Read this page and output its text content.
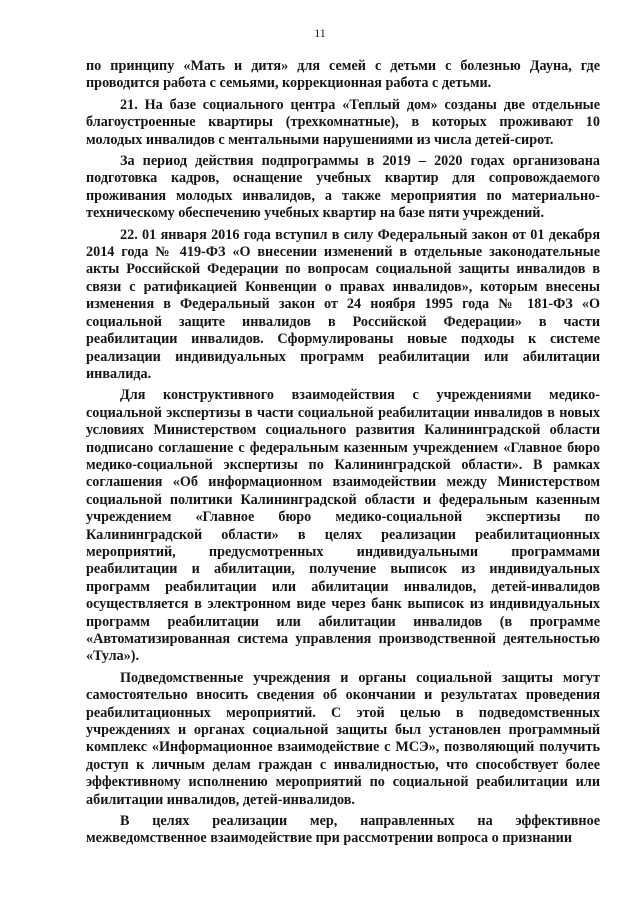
11

по принципу «Мать и дитя» для семей с детьми с болезнью Дауна, где проводится работа с семьями, коррекционная работа с детьми.

21. На базе социального центра «Теплый дом» созданы две отдельные благоустроенные квартиры (трехкомнатные), в которых проживают 10 молодых инвалидов с ментальными нарушениями из числа детей-сирот.

За период действия подпрограммы в 2019 – 2020 годах организована подготовка кадров, оснащение учебных квартир для сопровождаемого проживания молодых инвалидов, а также мероприятия по материально-техническому обеспечению учебных квартир на базе пяти учреждений.

22. 01 января 2016 года вступил в силу Федеральный закон от 01 декабря 2014 года № 419-ФЗ «О внесении изменений в отдельные законодательные акты Российской Федерации по вопросам социальной защиты инвалидов в связи с ратификацией Конвенции о правах инвалидов», которым внесены изменения в Федеральный закон от 24 ноября 1995 года № 181-ФЗ «О социальной защите инвалидов в Российской Федерации» в части реабилитации инвалидов. Сформулированы новые подходы к системе реализации индивидуальных программ реабилитации или абилитации инвалида.

Для конструктивного взаимодействия с учреждениями медико-социальной экспертизы в части социальной реабилитации инвалидов в новых условиях Министерством социального развития Калининградской области подписано соглашение с федеральным казенным учреждением «Главное бюро медико-социальной экспертизы по Калининградской области». В рамках соглашения «Об информационном взаимодействии между Министерством социальной политики Калининградской области и федеральным казенным учреждением «Главное бюро медико-социальной экспертизы по Калининградской области» в целях реализации реабилитационных мероприятий, предусмотренных индивидуальными программами реабилитации и абилитации, получение выписок из индивидуальных программ реабилитации или абилитации инвалидов, детей-инвалидов осуществляется в электронном виде через банк выписок из индивидуальных программ реабилитации или абилитации инвалидов (в программе «Автоматизированная система управления производственной деятельностью «Тула»).

Подведомственные учреждения и органы социальной защиты могут самостоятельно вносить сведения об окончании и результатах проведения реабилитационных мероприятий. С этой целью в подведомственных учреждениях и органах социальной защиты был установлен программный комплекс «Информационное взаимодействие с МСЭ», позволяющий получить доступ к личным делам граждан с инвалидностью, что способствует более эффективному исполнению мероприятий по социальной реабилитации или абилитации инвалидов, детей-инвалидов.

В целях реализации мер, направленных на эффективное межведомственное взаимодействие при рассмотрении вопроса о признании
